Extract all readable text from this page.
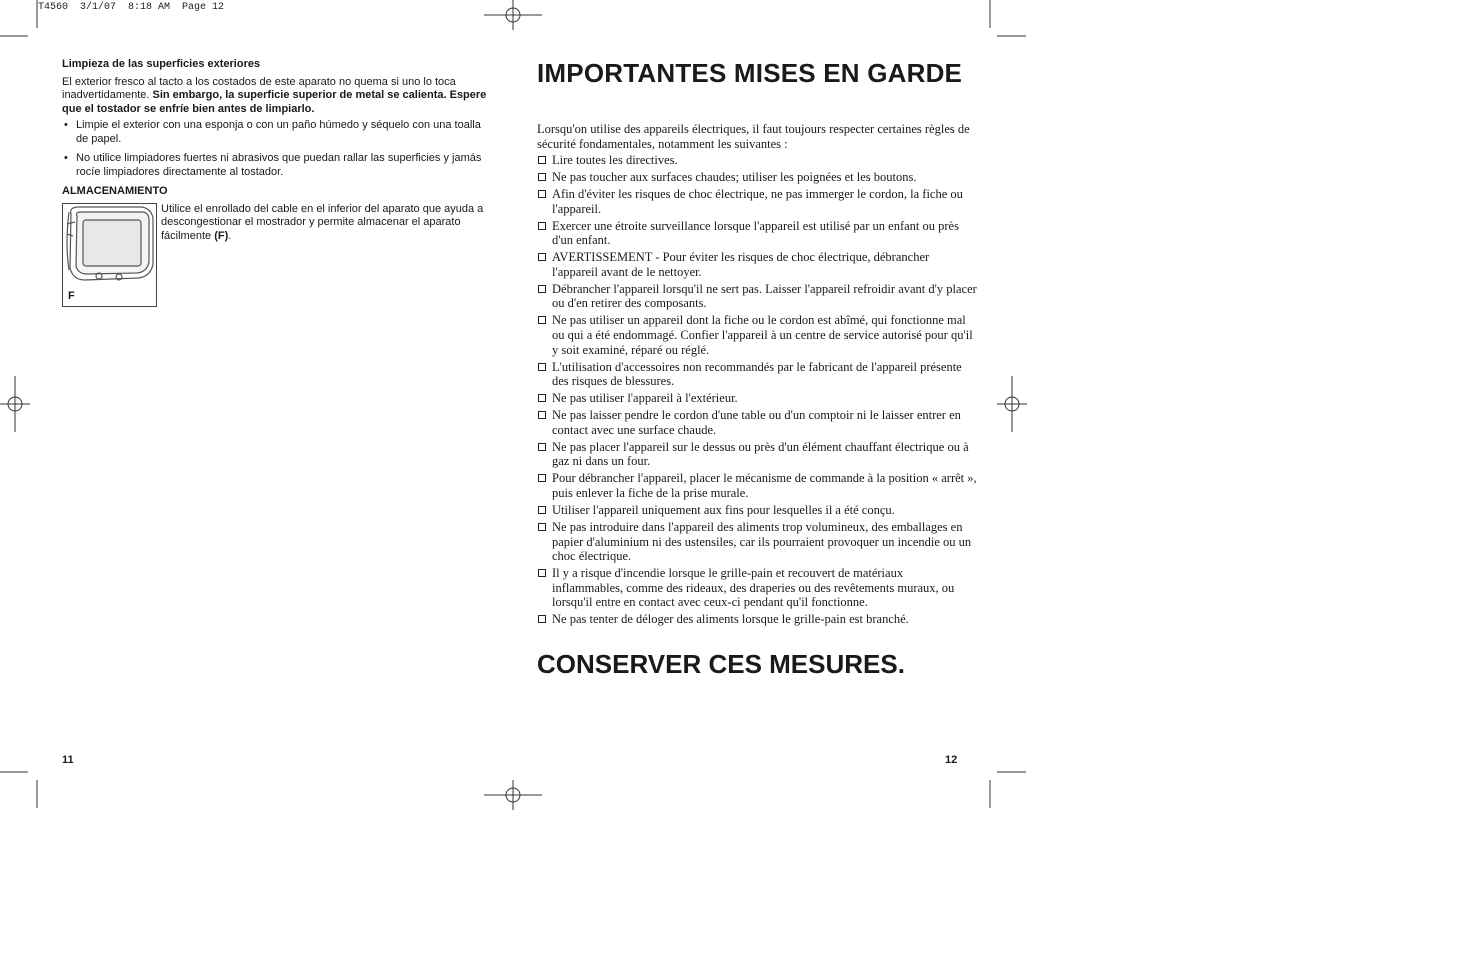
T4560  3/1/07  8:18 AM  Page 12
Limpieza de las superficies exteriores

El exterior fresco al tacto a los costados de este aparato no quema si uno lo toca inadvertidamente. Sin embargo, la superficie superior de metal se calienta. Espere que el tostador se enfríe bien antes de limpiarlo.

• Limpie el exterior con una esponja o con un paño húmedo y séquelo con una toalla de papel.
• No utilice limpiadores fuertes ni abrasivos que puedan rallar las superficies y jamás rocíe limpiadores directamente al tostador.
ALMACENAMIENTO
F
Utilice el enrollado del cable en el inferior del aparato que ayuda a descongestionar el mostrador y permite almacenar el aparato fácilmente (F).
11
IMPORTANTES MISES EN GARDE

Lorsqu'on utilise des appareils électriques, il faut toujours respecter certaines règles de sécurité fondamentales, notamment les suivantes :

Lire toutes les directives.
Ne pas toucher aux surfaces chaudes; utiliser les poignées et les boutons.
Afin d'éviter les risques de choc électrique, ne pas immerger le cordon, la fiche ou l'appareil.
Exercer une étroite surveillance lorsque l'appareil est utilisé par un enfant ou près d'un enfant.
AVERTISSEMENT - Pour éviter les risques de choc électrique, débrancher l'appareil avant de le nettoyer.
Débrancher l'appareil lorsqu'il ne sert pas. Laisser l'appareil refroidir avant d'y placer ou d'en retirer des composants.
Ne pas utiliser un appareil dont la fiche ou le cordon est abîmé, qui fonctionne mal ou qui a été endommagé. Confier l'appareil à un centre de service autorisé pour qu'il y soit examiné, réparé ou réglé.
L'utilisation d'accessoires non recommandés par le fabricant de l'appareil présente des risques de blessures.
Ne pas utiliser l'appareil à l'extérieur.
Ne pas laisser pendre le cordon d'une table ou d'un comptoir ni le laisser entrer en contact avec une surface chaude.
Ne pas placer l'appareil sur le dessus ou près d'un élément chauffant électrique ou à gaz ni dans un four.
Pour débrancher l'appareil, placer le mécanisme de commande à la position « arrêt », puis enlever la fiche de la prise murale.
Utiliser l'appareil uniquement aux fins pour lesquelles il a été conçu.
Ne pas introduire dans l'appareil des aliments trop volumineux, des emballages en papier d'aluminium ni des ustensiles, car ils pourraient provoquer un incendie ou un choc électrique.
Il y a risque d'incendie lorsque le grille-pain et recouvert de matériaux inflammables, comme des rideaux, des draperies ou des revêtements muraux, ou lorsqu'il entre en contact avec ceux-ci pendant qu'il fonctionne.
Ne pas tenter de déloger des aliments lorsque le grille-pain est branché.
CONSERVER CES MESURES.
12
